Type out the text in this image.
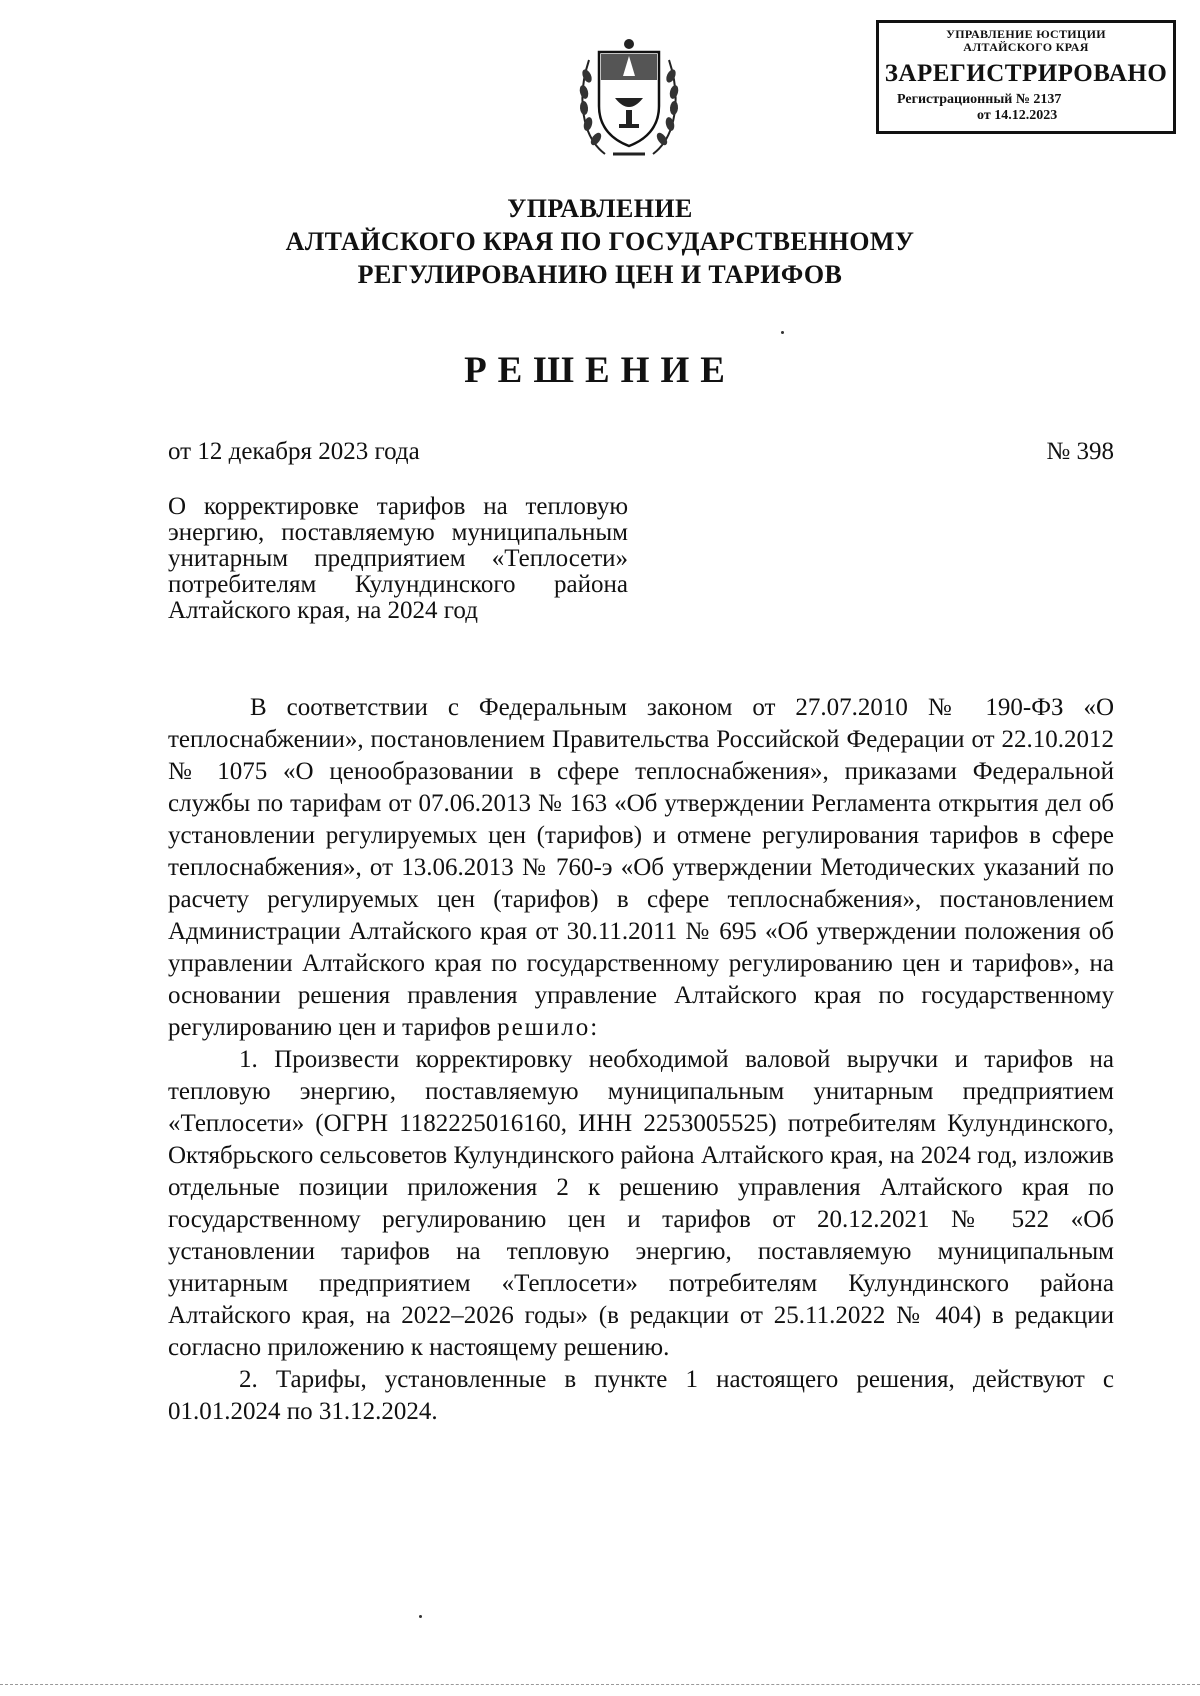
УПРАВЛЕНИЕ ЮСТИЦИИ
АЛТАЙСКОГО КРАЯ
ЗАРЕГИСТРИРОВАНО
Регистрационный № 2137
от 14.12.2023
УПРАВЛЕНИЕ
АЛТАЙСКОГО КРАЯ ПО ГОСУДАРСТВЕННОМУ
РЕГУЛИРОВАНИЮ ЦЕН И ТАРИФОВ
РЕШЕНИЕ
от 12 декабря 2023 года	№ 398
О корректировке тарифов на тепловую энергию, поставляемую муниципальным унитарным предприятием «Теплосети» потребителям Кулундинского района Алтайского края, на 2024 год

В соответствии с Федеральным законом от 27.07.2010 № 190-ФЗ «О теплоснабжении», постановлением Правительства Российской Федерации от 22.10.2012 № 1075 «О ценообразовании в сфере теплоснабжения», приказами Федеральной службы по тарифам от 07.06.2013 № 163 «Об утверждении Регламента открытия дел об установлении регулируемых цен (тарифов) и отмене регулирования тарифов в сфере теплоснабжения», от 13.06.2013 № 760-э «Об утверждении Методических указаний по расчету регулируемых цен (тарифов) в сфере теплоснабжения», постановлением Администрации Алтайского края от 30.11.2011 № 695 «Об утверждении положения об управлении Алтайского края по государственному регулированию цен и тарифов», на основании решения правления управление Алтайского края по государственному регулированию цен и тарифов решило:

1. Произвести корректировку необходимой валовой выручки и тарифов на тепловую энергию, поставляемую муниципальным унитарным предприятием «Теплосети» (ОГРН 1182225016160, ИНН 2253005525) потребителям Кулундинского, Октябрьского сельсоветов Кулундинского района Алтайского края, на 2024 год, изложив отдельные позиции приложения 2 к решению управления Алтайского края по государственному регулированию цен и тарифов от 20.12.2021 № 522 «Об установлении тарифов на тепловую энергию, поставляемую муниципальным унитарным предприятием «Теплосети» потребителям Кулундинского района Алтайского края, на 2022–2026 годы» (в редакции от 25.11.2022 № 404) в редакции согласно приложению к настоящему решению.

2. Тарифы, установленные в пункте 1 настоящего решения, действуют с 01.01.2024 по 31.12.2024.
